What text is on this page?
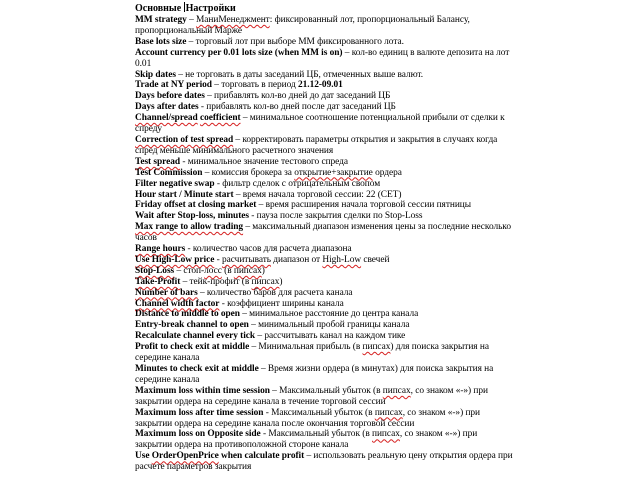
Основные Настройки

MM strategy – МаниМенеджмент: фиксированный лот, пропорциональный Балансу, пропорциональный Марже

Base lots size – торговый лот при выборе MM фиксированного лота.

Account currency per 0.01 lots size (when MM is on) – кол-во единиц в валюте депозита на лот 0.01

Skip dates – не торговать в даты заседаний ЦБ, отмеченных выше валют.

Trade at NY period – торговать в период 21.12-09.01

Days before dates – прибавлять кол-во дней до дат заседаний ЦБ

Days after dates - прибавлять кол-во дней после дат заседаний ЦБ

Channel/spread coefficient – минимальное соотношение потенциальной прибыли от сделки к спреду

Correction of test spread – корректировать параметры открытия и закрытия в случаях когда спред меньше минимального расчетного значения

Test spread - минимальное значение тестового спреда

Test Commission – комиссия брокера за открытие+закрытие ордера

Filter negative swap - фильтр сделок с отрицательным свопом

Hour start / Minute start – время начала торговой сессии: 22 (CET)

Friday offset at closing market – время расширения начала торговой сессии пятницы

Wait after Stop-loss, minutes - пауза после закрытия сделки по Stop-Loss

Max range to allow trading – максимальный диапазон изменения цены за последние несколько часов

Range hours - количество часов для расчета диапазона

Use High-Low price - расчитывать диапазон от High-Low свечей

Stop-Loss – стоп-лосс (в пипсах)

Take-Profit – тейк-профит (в пипсах)

Number of bars – количество баров для расчета канала

Channel width factor - коэффициент ширины канала

Distance to middle to open – минимальное расстояние до центра канала

Entry-break channel to open – минимальный пробой границы канала

Recalculate channel every tick – рассчитывать канал на каждом тике

Profit to check exit at middle – Минимальная прибыль (в пипсах) для поиска закрытия на середине канала

Minutes to check exit at middle – Время жизни ордера (в минутах) для поиска закрытия на середине канала

Maximum loss within time session – Максимальный убыток (в пипсах, со знаком «-») при закрытии ордера на середине канала в течение торговой сессии

Maximum loss after time session - Максимальный убыток (в пипсах, со знаком «-») при закрытии ордера на середине канала после окончания торговой сессии

Maximum loss on Opposite side - Максимальный убыток (в пипсах, со знаком «-») при закрытии ордера на противоположной стороне канала

Use OrderOpenPrice when calculate profit – использовать реальную цену открытия ордера при расчете параметров закрытия
